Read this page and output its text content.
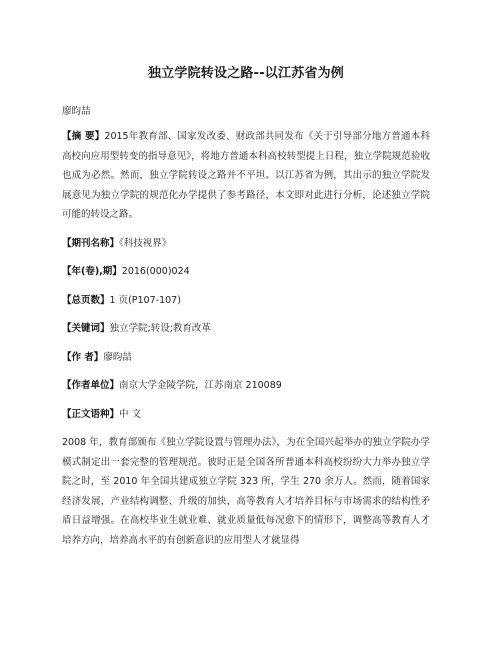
独立学院转设之路--以江苏省为例
廖昀喆
【摘 要】2015年教育部、国家发改委、财政部共同发布《关于引导部分地方普通本科高校向应用型转变的指导意见》，将地方普通本科高校转型提上日程，独立学院规范验收也成为必然。然而，独立学院转设之路并不平坦。以江苏省为例，其出示的独立学院发展意见为独立学院的规范化办学提供了参考路径，本文即对此进行分析，论述独立学院可能的转设之路。
【期刊名称】《科技视界》
【年(卷),期】2016(000)024
【总页数】1 页(P107-107)
【关键词】独立学院;转设;教育改革
【作 者】廖昀喆
【作者单位】南京大学金陵学院，江苏南京 210089
【正文语种】中 文
2008 年，教育部颁布《独立学院设置与管理办法》，为在全国兴起举办的独立学院办学模式制定出一套完整的管理规范。彼时正是全国各所普通本科高校纷纷大力举办独立学院之时，至 2010 年全国共建成独立学院 323 所，学生 270 余万人。然而，随着国家经济发展，产业结构调整、升级的加快，高等教育人才培养目标与市场需求的结构性矛盾日益增强。在高校毕业生就业难、就业质量低每况愈下的情形下，调整高等教育人才培养方向，培养高水平的有创新意识的应用型人才就显得
